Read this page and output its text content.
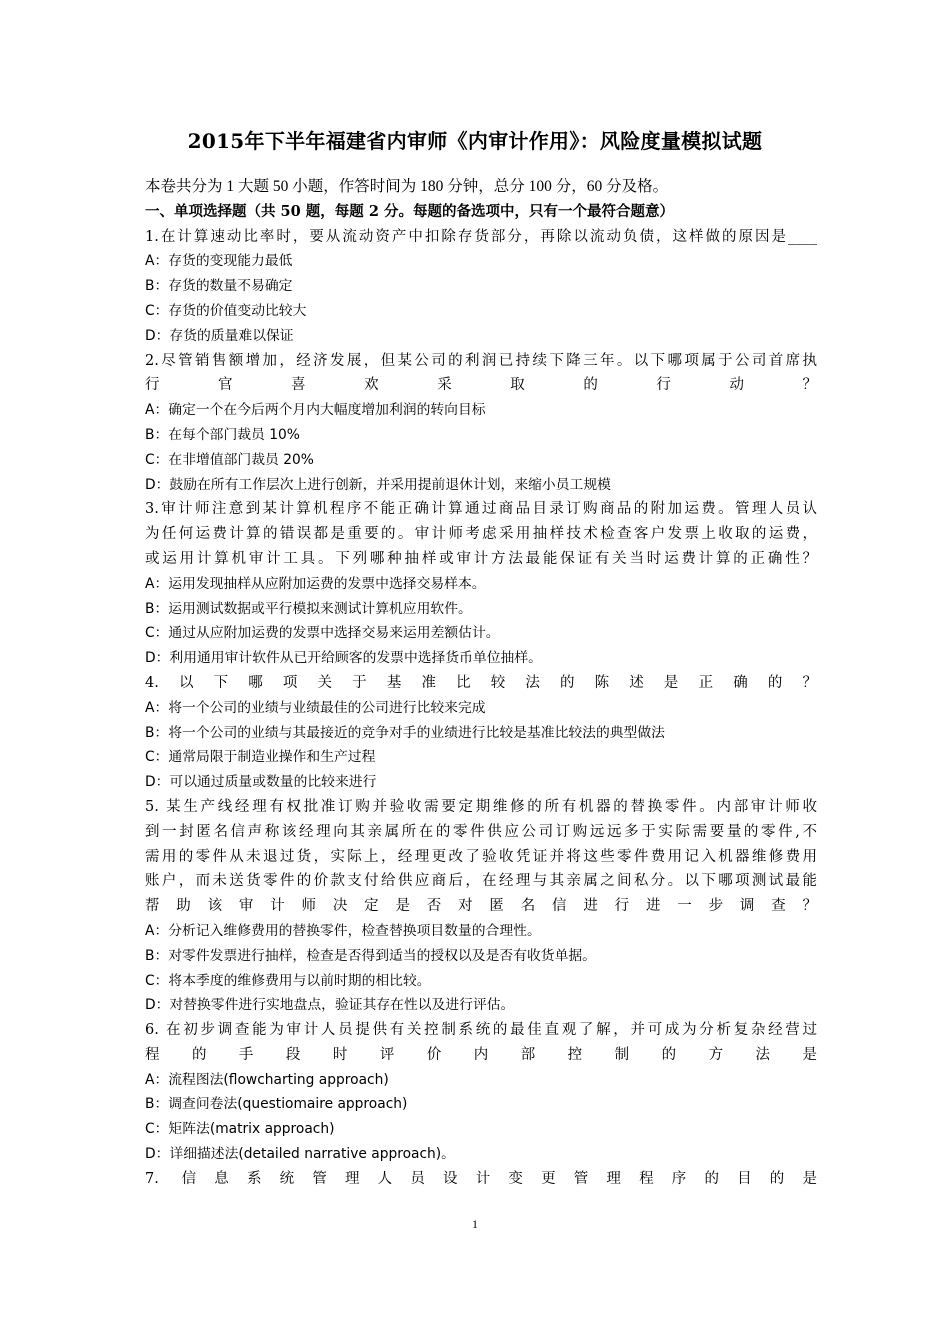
2015年下半年福建省内审师《内审计作用》：风险度量模拟试题
本卷共分为 1 大题 50 小题，作答时间为 180 分钟，总分 100 分，60 分及格。
一、单项选择题（共 50 题，每题 2 分。每题的备选项中，只有一个最符合题意）
1.在计算速动比率时，要从流动资产中扣除存货部分，再除以流动负债，这样做的原因是____
A：存货的变现能力最低
B：存货的数量不易确定
C：存货的价值变动比较大
D：存货的质量难以保证
2.尽管销售额增加，经济发展，但某公司的利润已持续下降三年。以下哪项属于公司首席执
行官喜欢采取的行动？
A：确定一个在今后两个月内大幅度增加利润的转向目标
B：在每个部门裁员 10%
C：在非增值部门裁员 20%
D：鼓励在所有工作层次上进行创新，并采用提前退休计划，来缩小员工规模
3.审计师注意到某计算机程序不能正确计算通过商品目录订购商品的附加运费。管理人员认
为任何运费计算的错误都是重要的。审计师考虑采用抽样技术检查客户发票上收取的运费，
或运用计算机审计工具。下列哪种抽样或审计方法最能保证有关当时运费计算的正确性？
A：运用发现抽样从应附加运费的发票中选择交易样本。
B：运用测试数据或平行模拟来测试计算机应用软件。
C：通过从应附加运费的发票中选择交易来运用差额估计。
D：利用通用审计软件从已开给顾客的发票中选择货币单位抽样。
4.以下哪项关于基准比较法的陈述是正确的？
A：将一个公司的业绩与业绩最佳的公司进行比较来完成
B：将一个公司的业绩与其最接近的竞争对手的业绩进行比较是基准比较法的典型做法
C：通常局限于制造业操作和生产过程
D：可以通过质量或数量的比较来进行
5. 某生产线经理有权批准订购并验收需要定期维修的所有机器的替换零件。内部审计师收
到一封匿名信声称该经理向其亲属所在的零件供应公司订购远远多于实际需要量的零件,不
需用的零件从未退过货，实际上，经理更改了验收凭证并将这些零件费用记入机器维修费用
账户，而未送货零件的价款支付给供应商后，在经理与其亲属之间私分。以下哪项测试最能
帮助该审计师决定是否对匿名信进行进一步调查？
A：分析记入维修费用的替换零件，检查替换项目数量的合理性。
B：对零件发票进行抽样，检查是否得到适当的授权以及是否有收货单据。
C：将本季度的维修费用与以前时期的相比较。
D：对替换零件进行实地盘点，验证其存在性以及进行评估。
6. 在初步调查能为审计人员提供有关控制系统的最佳直观了解，并可成为分析复杂经营过
程的手段时评价内部控制的方法是
A：流程图法(flowcharting approach)
B：调查问卷法(questiomaire approach)
C：矩阵法(matrix approach)
D：详细描述法(detailed narrative approach)。
7. 信息系统管理人员设计变更管理程序的目的是
1
